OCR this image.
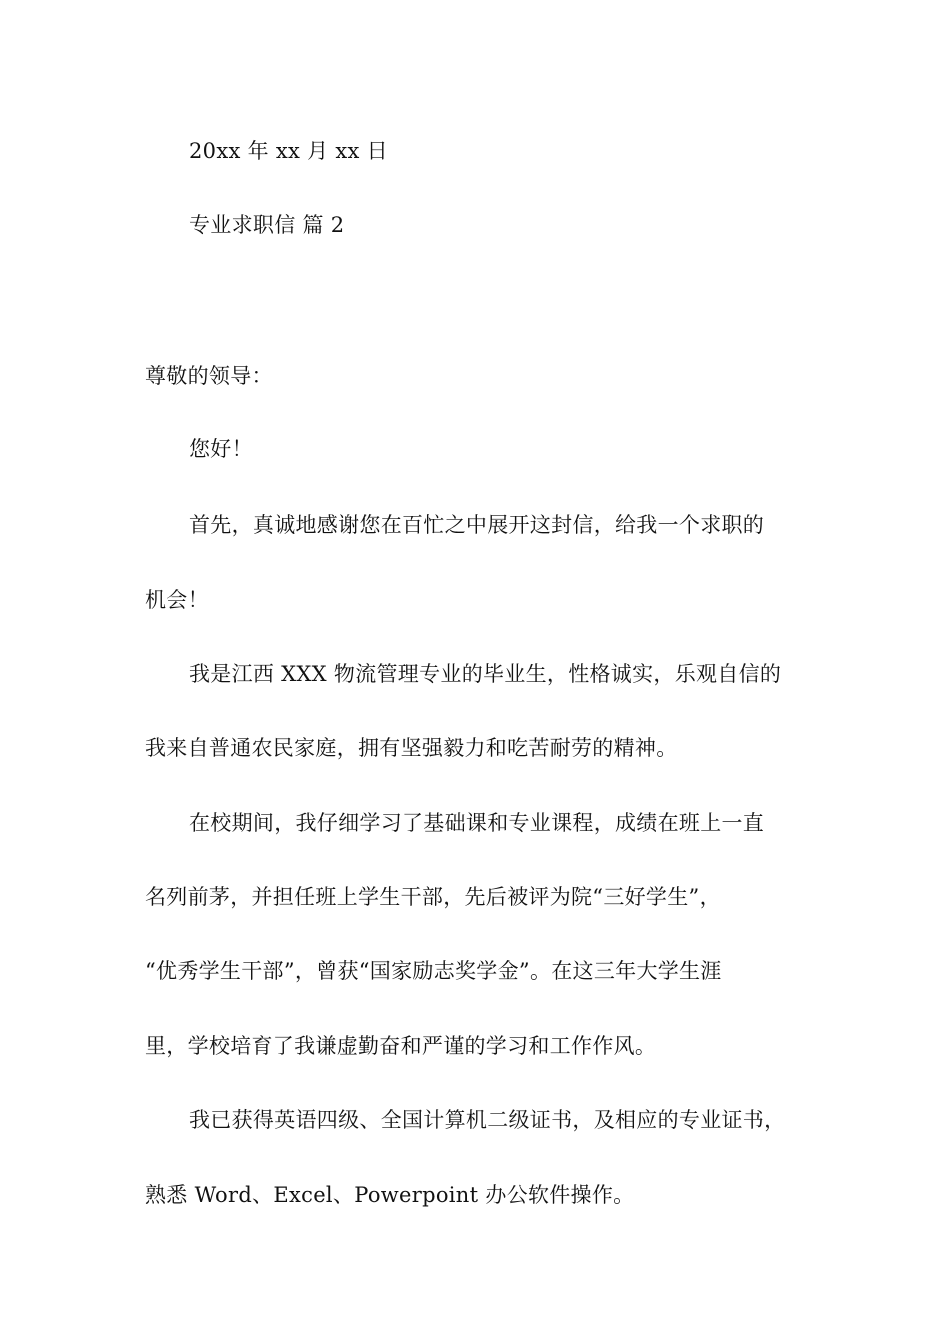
20xx 年 xx 月 xx 日
专业求职信 篇 2
尊敬的领导：
您好！
首先，真诚地感谢您在百忙之中展开这封信，给我一个求职的
机会！
我是江西 XXX 物流管理专业的毕业生，性格诚实，乐观自信的
我来自普通农民家庭，拥有坚强毅力和吃苦耐劳的精神。
在校期间，我仔细学习了基础课和专业课程，成绩在班上一直
名列前茅，并担任班上学生干部，先后被评为院“三好学生”，
“优秀学生干部”，曾获“国家励志奖学金”。在这三年大学生涯
里，学校培育了我谦虚勤奋和严谨的学习和工作作风。
我已获得英语四级、全国计算机二级证书，及相应的专业证书，
熟悉 Word、Excel、Powerpoint 办公软件操作。
